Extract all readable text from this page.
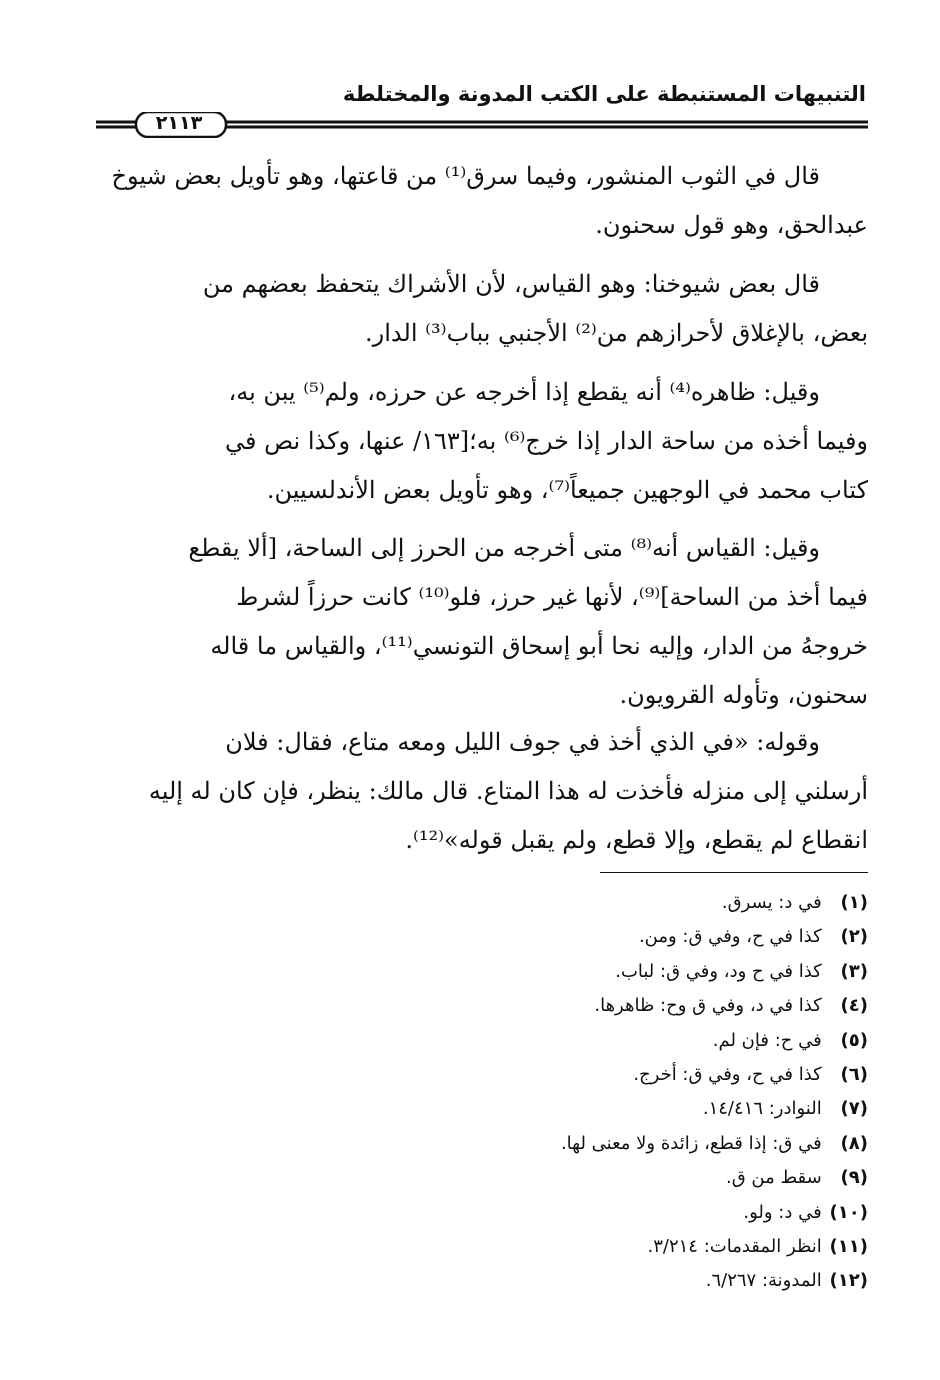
التنبيهات المستنبطة على الكتب المدونة والمختلطة
٢١١٣

قال في الثوب المنشور، وفيما سرق⁽¹⁾ من قاعتها، وهو تأويل بعض شيوخ

عبدالحق، وهو قول سحنون.

قال بعض شيوخنا: وهو القياس، لأن الأشراك يتحفظ بعضهم من

بعض، بالإغلاق لأحرازهم من⁽²⁾ الأجنبي بباب⁽³⁾ الدار.

وقيل: ظاهره⁽⁴⁾ أنه يقطع إذا أخرجه عن حرزه، ولم⁽⁵⁾ يبن به،

وفيما أخذه من ساحة الدار إذا خرج⁽⁶⁾ به؛[١٦٣/ عنها، وكذا نص في

كتاب محمد في الوجهين جميعاً⁽⁷⁾، وهو تأويل بعض الأندلسيين.

وقيل: القياس أنه⁽⁸⁾ متى أخرجه من الحرز إلى الساحة، [ألا يقطع

فيما أخذ من الساحة]⁽⁹⁾، لأنها غير حرز، فلو⁽¹⁰⁾ كانت حرزاً لشرط

خروجهُ من الدار، وإليه نحا أبو إسحاق التونسي⁽¹¹⁾، والقياس ما قاله

سحنون، وتأوله القرويون.

وقوله: «في الذي أخذ في جوف الليل ومعه متاع، فقال: فلان

أرسلني إلى منزله فأخذت له هذا المتاع. قال مالك: ينظر، فإن كان له إليه

انقطاع لم يقطع، وإلا قطع، ولم يقبل قوله»⁽¹²⁾.

(١) في د: يسرق.
(٢) كذا في ح، وفي ق: ومن.
(٣) كذا في ح ود، وفي ق: لباب.
(٤) كذا في د، وفي ق وح: ظاهرها.
(٥) في ح: فإن لم.
(٦) كذا في ح، وفي ق: أخرج.
(٧) النوادر: ١٤/٤١٦.
(٨) في ق: إذا قطع، زائدة ولا معنى لها.
(٩) سقط من ق.
(١٠) في د: ولو.
(١١) انظر المقدمات: ٣/٢١٤.
(١٢) المدونة: ٦/٢٦٧.
